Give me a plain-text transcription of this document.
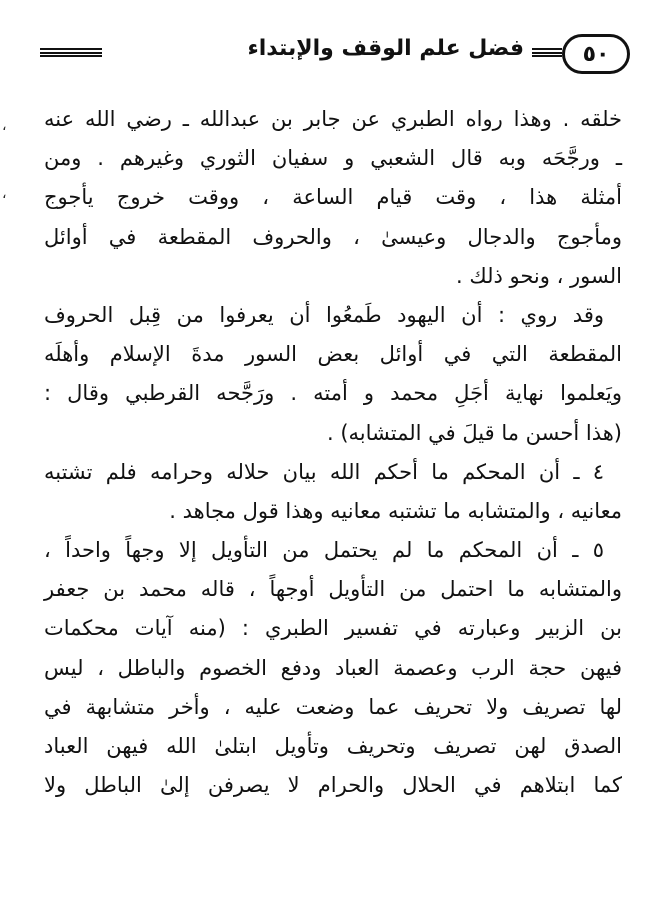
فضل علم الوقف والإبتداء	٥٠
،
،
خلقه . وهذا رواه الطبري عن جابر بن عبدالله ـ رضي الله عنه
ـ ورجَّحَه وبه قال الشعبي و سفيان الثوري وغيرهم . ومن
أمثلة هذا ، وقت قيام الساعة ، ووقت خروج يأجوج
ومأجوج والدجال وعيسىٰ ، والحروف المقطعة في أوائل
السور ، ونحو ذلك .
وقد روي : أن اليهود طَمعُوا أن يعرفوا من قِبل الحروف
المقطعة التي في أوائل بعض السور مدةَ الإسلام وأهلَه
ويَعلموا نهاية أجَلِ محمد و أمته . ورَجَّحه القرطبي وقال :
(هذا أحسن ما قيلَ في المتشابه) .
٤ ـ أن المحكم ما أحكم الله بيان حلاله وحرامه فلم تشتبه
معانيه ، والمتشابه ما تشتبه معانيه وهذا قول مجاهد .
٥ ـ أن المحكم ما لم يحتمل من التأويل إلا وجهاً واحداً ،
والمتشابه ما احتمل من التأويل أوجهاً ، قاله محمد بن جعفر
بن الزبير وعبارته في تفسير الطبري : (منه آيات محكمات
فيهن حجة الرب وعصمة العباد ودفع الخصوم والباطل ، ليس
لها تصريف ولا تحريف عما وضعت عليه ، وأخر متشابهة في
الصدق لهن تصريف وتحريف وتأويل ابتلىٰ الله فيهن العباد
كما ابتلاهم في الحلال والحرام لا يصرفن إلىٰ الباطل ولا
